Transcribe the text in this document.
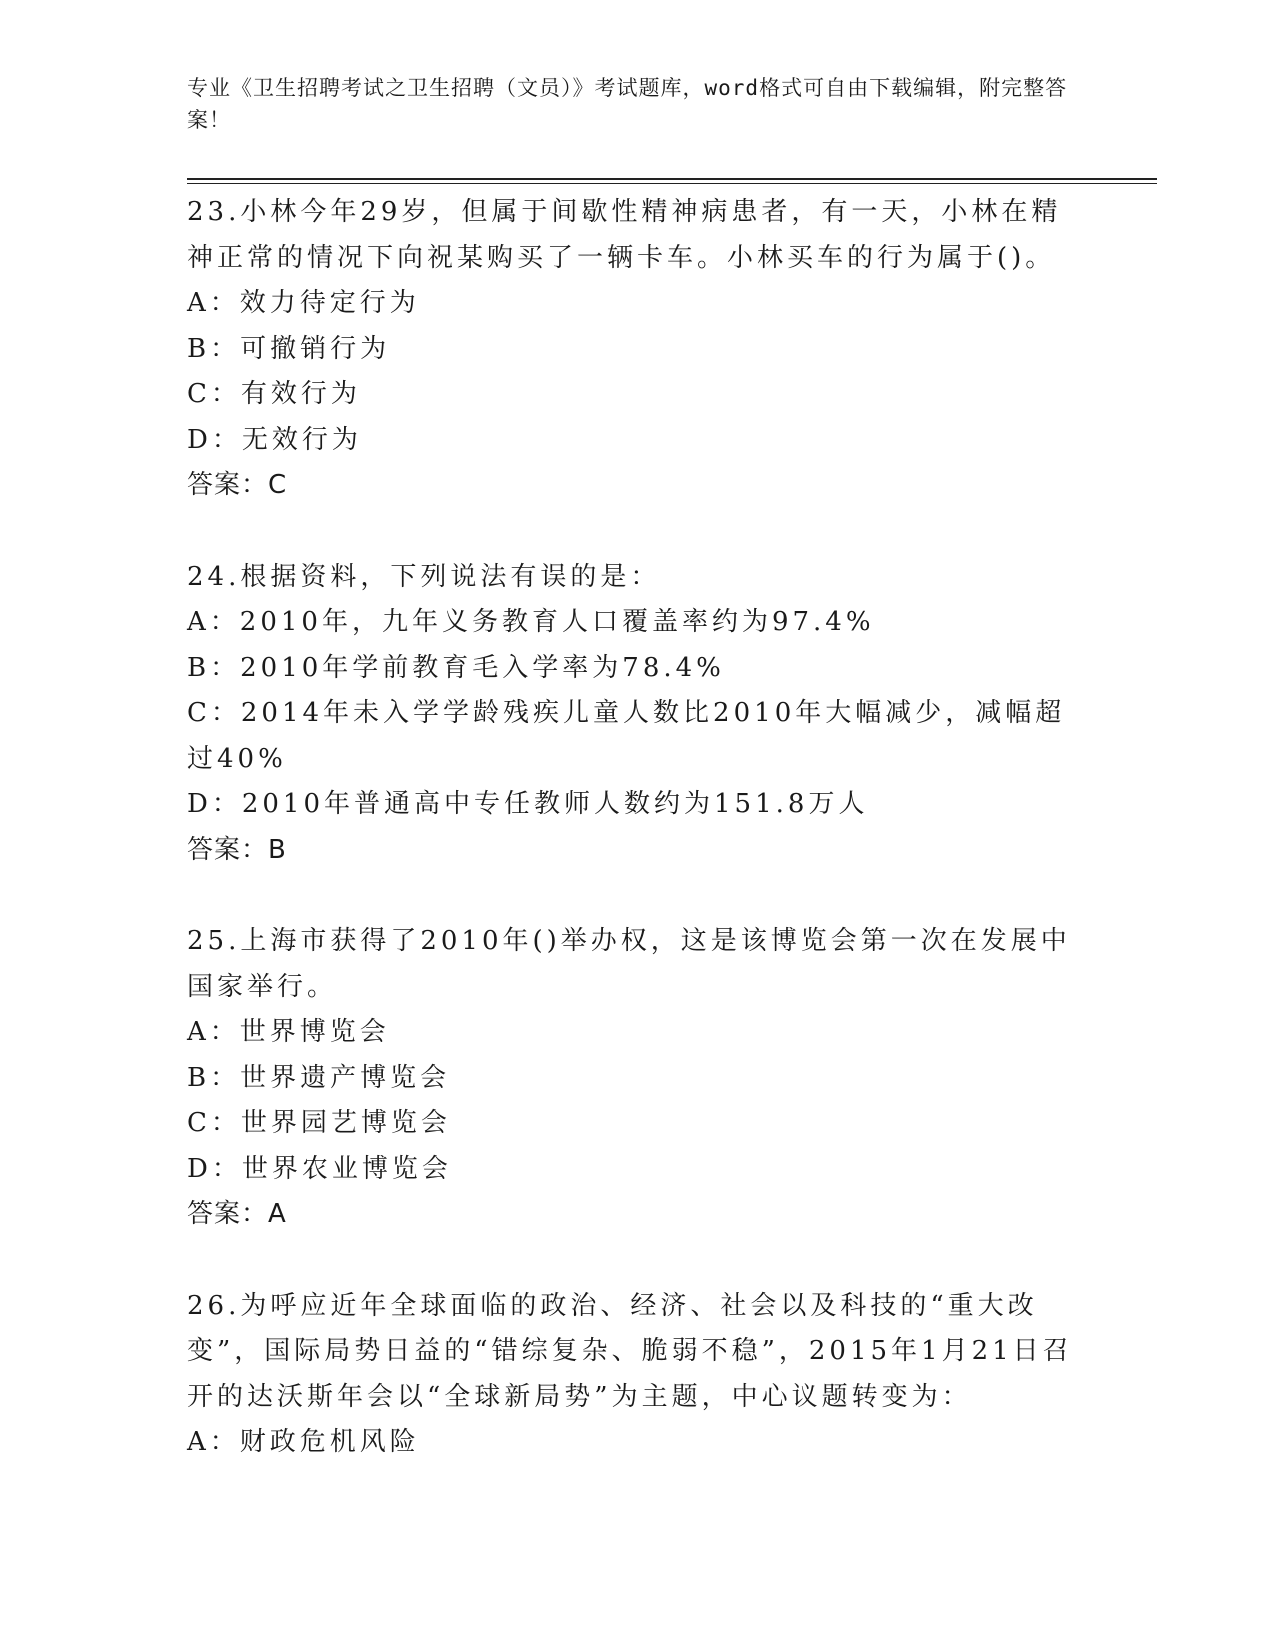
专业《卫生招聘考试之卫生招聘（文员）》考试题库，word格式可自由下载编辑，附完整答案！
23.小林今年29岁，但属于间歇性精神病患者，有一天，小林在精神正常的情况下向祝某购买了一辆卡车。小林买车的行为属于()。
A：效力待定行为
B：可撤销行为
C：有效行为
D：无效行为
答案：C
24.根据资料，下列说法有误的是：
A：2010年，九年义务教育人口覆盖率约为97.4%
B：2010年学前教育毛入学率为78.4%
C：2014年未入学学龄残疾儿童人数比2010年大幅减少，减幅超过40%
D：2010年普通高中专任教师人数约为151.8万人
答案：B
25.上海市获得了2010年()举办权，这是该博览会第一次在发展中国家举行。
A：世界博览会
B：世界遗产博览会
C：世界园艺博览会
D：世界农业博览会
答案：A
26.为呼应近年全球面临的政治、经济、社会以及科技的“重大改变”，国际局势日益的“错综复杂、脆弱不稳”，2015年1月21日召开的达沃斯年会以“全球新局势”为主题，中心议题转变为：
A：财政危机风险
